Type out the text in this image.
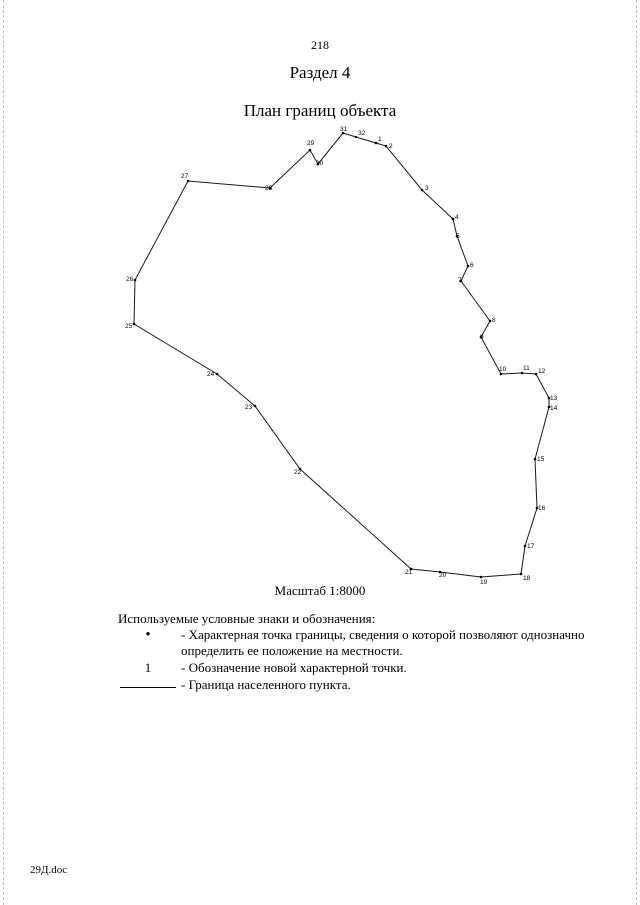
218
Раздел 4
План границ объекта
31
32
1
2
3
4
5
6
7
8
9
10	11 12
13
14
15
16
17
18
19
20
21
22
23
24
25
26
27
28
29
30
Масштаб 1:8000
Используемые условные знаки и обозначения:
•	- Характерная точка границы, сведения о которой позволяют однозначно определить ее положение на местности.
1	- Обозначение новой характерной точки.
- Граница населенного пункта.
29Д.doc
